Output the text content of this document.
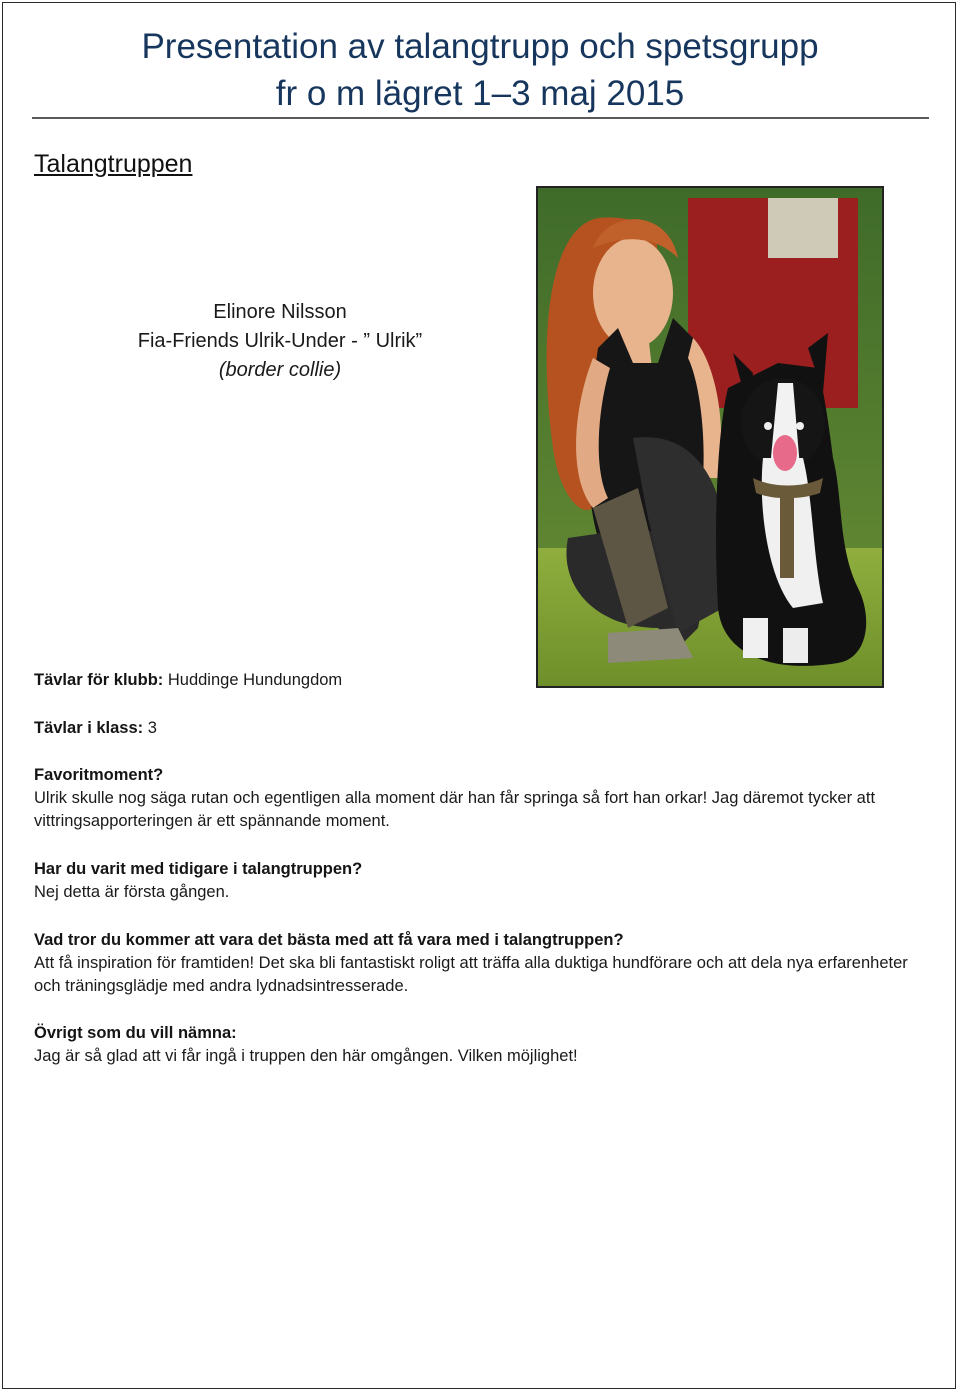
Presentation av talangtrupp och spetsgrupp
fr o m lägret 1–3 maj 2015
Talangtruppen
Elinore Nilsson
Fia-Friends Ulrik-Under - ” Ulrik”
(border collie)

Tävlar för klubb: Huddinge Hundungdom

Tävlar i klass: 3

Favoritmoment?

Ulrik skulle nog säga rutan och egentligen alla moment där han får springa så fort han orkar! Jag däremot tycker att vittringsapporteringen är ett spännande moment.

Har du varit med tidigare i talangtruppen?

Nej detta är första gången.

Vad tror du kommer att vara det bästa med att få vara med i talangtruppen?

Att få inspiration för framtiden! Det ska bli fantastiskt roligt att träffa alla duktiga hundförare och att dela nya erfarenheter och träningsglädje med andra lydnadsintresserade.

Övrigt som du vill nämna:

Jag är så glad att vi får ingå i truppen den här omgången. Vilken möjlighet!
